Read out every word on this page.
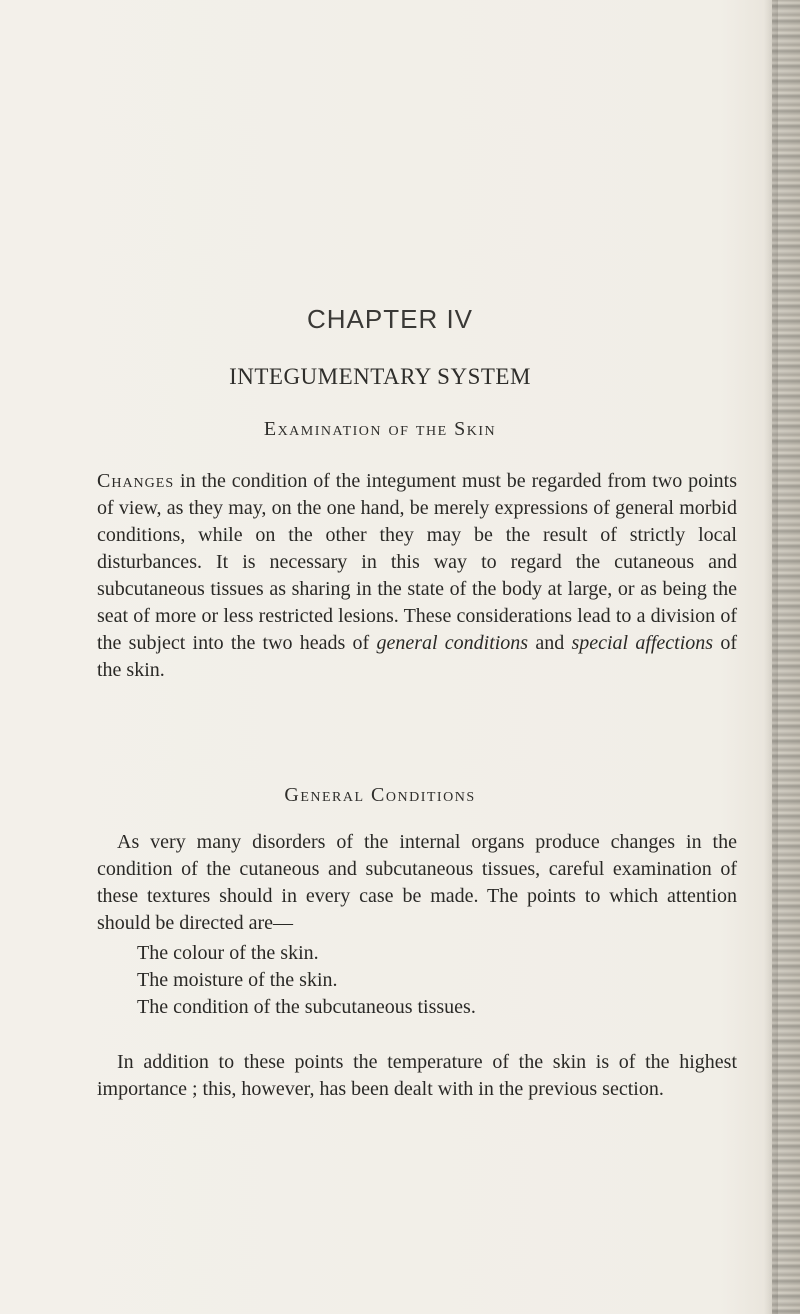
CHAPTER IV
INTEGUMENTARY SYSTEM
Examination of the Skin

Changes in the condition of the integument must be regarded from two points of view, as they may, on the one hand, be merely expressions of general morbid conditions, while on the other they may be the result of strictly local disturbances. It is necessary in this way to regard the cutaneous and subcutaneous tissues as sharing in the state of the body at large, or as being the seat of more or less restricted lesions. These considerations lead to a division of the subject into the two heads of general conditions and special affections of the skin.

General Conditions

As very many disorders of the internal organs produce changes in the condition of the cutaneous and subcutaneous tissues, careful examination of these textures should in every case be made. The points to which attention should be directed are—

The colour of the skin.
The moisture of the skin.
The condition of the subcutaneous tissues.

In addition to these points the temperature of the skin is of the highest importance ; this, however, has been dealt with in the previous section.
